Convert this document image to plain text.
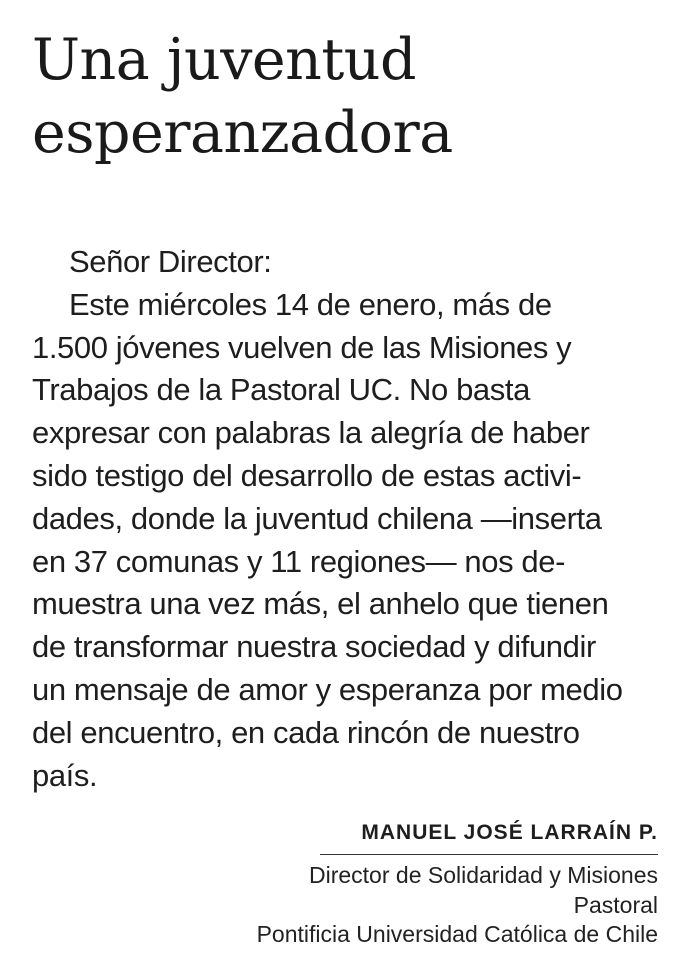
Una juventud
esperanzadora
Señor Director:
Este miércoles 14 de enero, más de
1.500 jóvenes vuelven de las Misiones y
Trabajos de la Pastoral UC. No basta
expresar con palabras la alegría de haber
sido testigo del desarrollo de estas activi-
dades, donde la juventud chilena —inserta
en 37 comunas y 11 regiones— nos de-
muestra una vez más, el anhelo que tienen
de transformar nuestra sociedad y difundir
un mensaje de amor y esperanza por medio
del encuentro, en cada rincón de nuestro
país.
MANUEL JOSÉ LARRAÍN P.
Director de Solidaridad y Misiones
Pastoral
Pontificia Universidad Católica de Chile
